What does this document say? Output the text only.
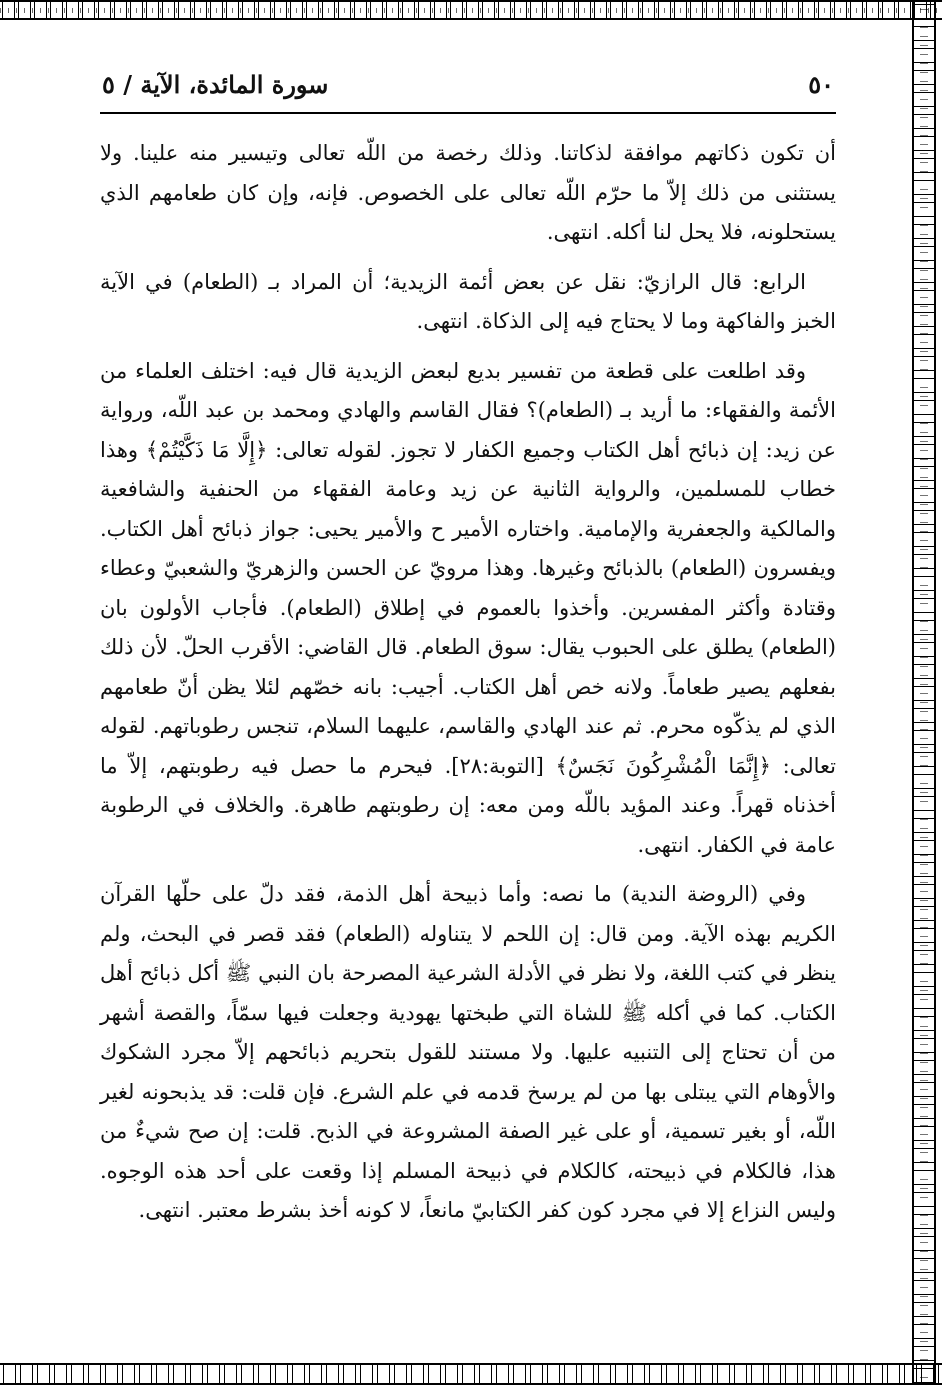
٥٠
سورة المائدة، الآية / ٥

أن تكون ذكاتهم موافقة لذكاتنا. وذلك رخصة من اللّه تعالى وتيسير منه علينا. ولا يستثنى من ذلك إلاّ ما حرّم اللّه تعالى على الخصوص. فإنه، وإن كان طعامهم الذي يستحلونه، فلا يحل لنا أكله. انتهى.

الرابع: قال الرازيّ: نقل عن بعض أئمة الزيدية؛ أن المراد بـ (الطعام) في الآية الخبز والفاكهة وما لا يحتاج فيه إلى الذكاة. انتهى.

وقد اطلعت على قطعة من تفسير بديع لبعض الزيدية قال فيه: اختلف العلماء من الأئمة والفقهاء: ما أريد بـ (الطعام)؟ فقال القاسم والهادي ومحمد بن عبد اللّه، ورواية عن زيد: إن ذبائح أهل الكتاب وجميع الكفار لا تجوز. لقوله تعالى: ﴿إِلَّا مَا ذَكَّيْتُمْ﴾ وهذا خطاب للمسلمين، والرواية الثانية عن زيد وعامة الفقهاء من الحنفية والشافعية والمالكية والجعفرية والإمامية. واختاره الأمير ح والأمير يحيى: جواز ذبائح أهل الكتاب. ويفسرون (الطعام) بالذبائح وغيرها. وهذا مرويّ عن الحسن والزهريّ والشعبيّ وعطاء وقتادة وأكثر المفسرين. وأخذوا بالعموم في إطلاق (الطعام). فأجاب الأولون بان (الطعام) يطلق على الحبوب يقال: سوق الطعام. قال القاضي: الأقرب الحلّ. لأن ذلك بفعلهم يصير طعاماً. ولانه خص أهل الكتاب. أجيب: بانه خصّهم لئلا يظن أنّ طعامهم الذي لم يذكّوه محرم. ثم عند الهادي والقاسم، عليهما السلام، تنجس رطوباتهم. لقوله تعالى: ﴿إِنَّمَا الْمُشْرِكُونَ نَجَسٌ﴾ [التوبة:٢٨]. فيحرم ما حصل فيه رطوبتهم، إلاّ ما أخذناه قهراً. وعند المؤيد باللّه ومن معه: إن رطوبتهم طاهرة. والخلاف في الرطوبة عامة في الكفار. انتهى.

وفي (الروضة الندية) ما نصه: وأما ذبيحة أهل الذمة، فقد دلّ على حلّها القرآن الكريم بهذه الآية. ومن قال: إن اللحم لا يتناوله (الطعام) فقد قصر في البحث، ولم ينظر في كتب اللغة، ولا نظر في الأدلة الشرعية المصرحة بان النبي ﷺ أكل ذبائح أهل الكتاب. كما في أكله ﷺ للشاة التي طبختها يهودية وجعلت فيها سمّاً، والقصة أشهر من أن تحتاج إلى التنبيه عليها. ولا مستند للقول بتحريم ذبائحهم إلاّ مجرد الشكوك والأوهام التي يبتلى بها من لم يرسخ قدمه في علم الشرع. فإن قلت: قد يذبحونه لغير اللّه، أو بغير تسمية، أو على غير الصفة المشروعة في الذبح. قلت: إن صح شيءٌ من هذا، فالكلام في ذبيحته، كالكلام في ذبيحة المسلم إذا وقعت على أحد هذه الوجوه. وليس النزاع إلا في مجرد كون كفر الكتابيّ مانعاً، لا كونه أخذ بشرط معتبر. انتهى.
